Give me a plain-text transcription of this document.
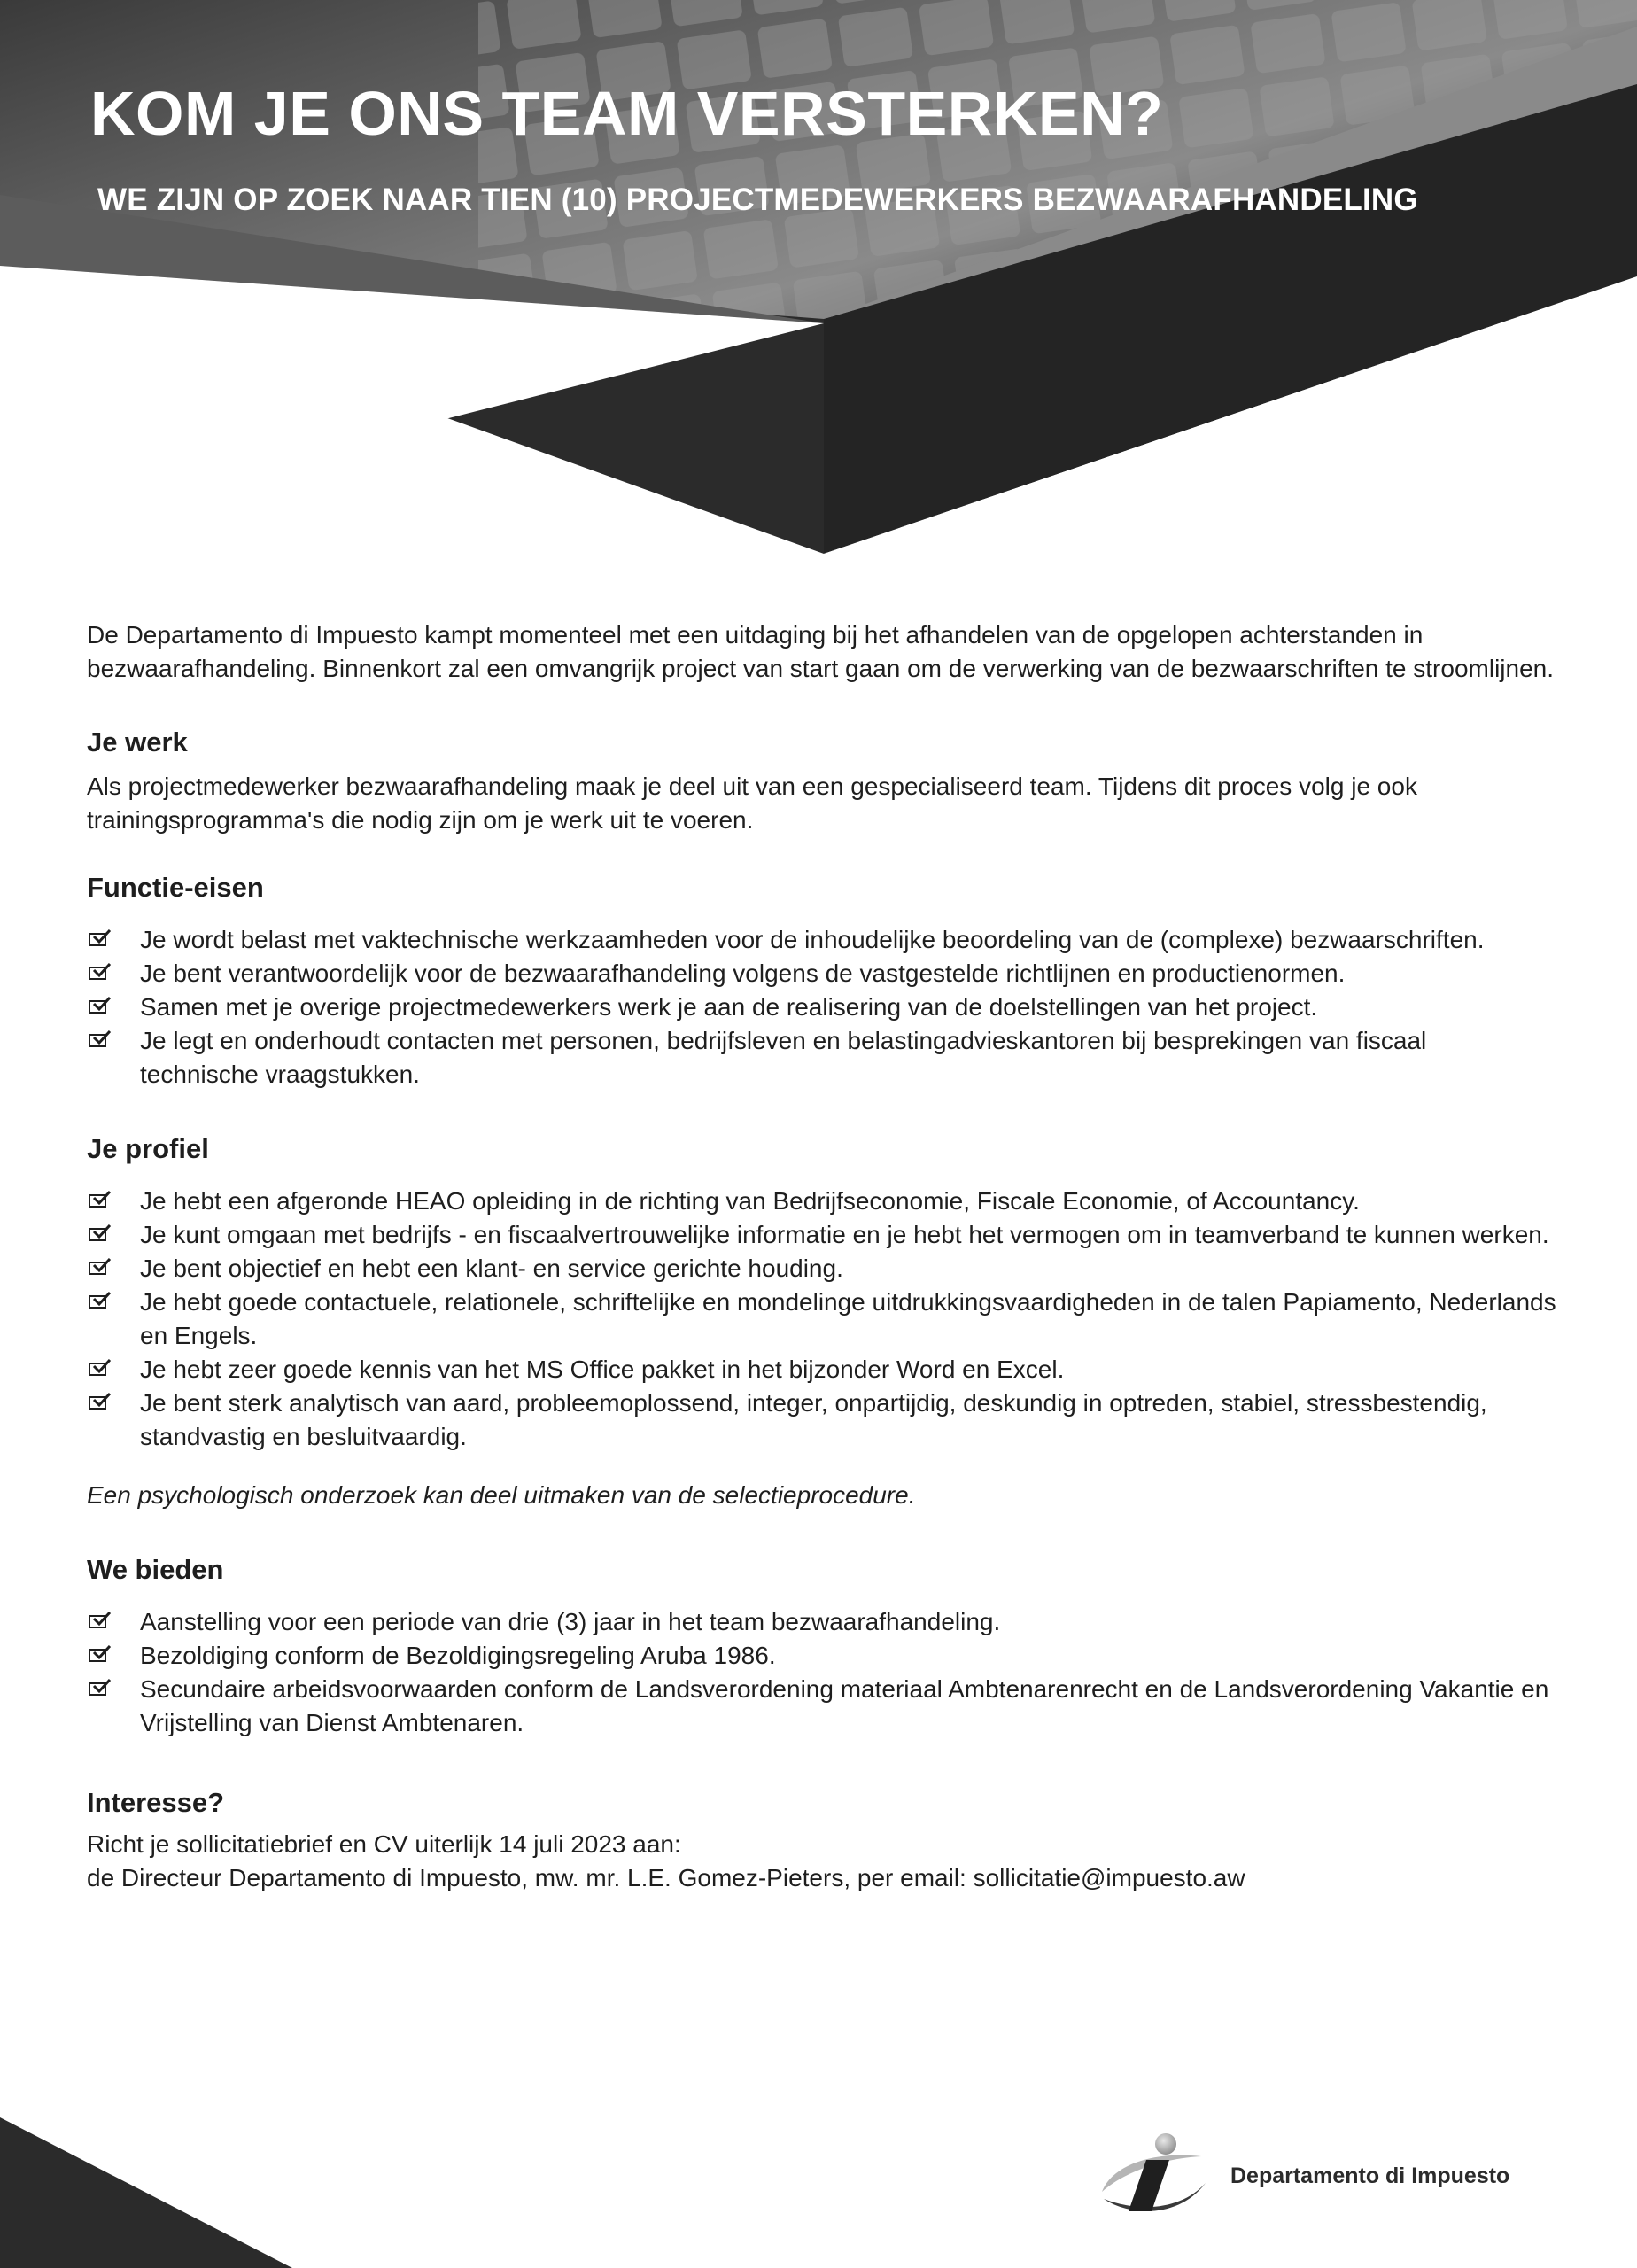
KOM JE ONS TEAM VERSTERKEN?

WE ZIJN OP ZOEK NAAR TIEN (10) PROJECTMEDEWERKERS BEZWAARAFHANDELING

De Departamento di Impuesto kampt momenteel met een uitdaging bij het afhandelen van de opgelopen achterstanden in bezwaarafhandeling. Binnenkort zal een omvangrijk project van start gaan om de verwerking van de bezwaarschriften te stroomlijnen.

Je werk

Als projectmedewerker bezwaarafhandeling maak je deel uit van een gespecialiseerd team. Tijdens dit proces volg je ook trainingsprogramma's die nodig zijn om je werk uit te voeren.

Functie-eisen
Je wordt belast met vaktechnische werkzaamheden voor de inhoudelijke beoordeling van de (complexe) bezwaarschriften.
Je bent verantwoordelijk voor de bezwaarafhandeling volgens de vastgestelde richtlijnen en productienormen.
Samen met je overige projectmedewerkers werk je aan de realisering van de doelstellingen van het project.
Je legt en onderhoudt contacten met personen, bedrijfsleven en belastingadvieskantoren bij besprekingen van fiscaal technische vraagstukken.
Je profiel
Je hebt een afgeronde HEAO opleiding in de richting van Bedrijfseconomie, Fiscale Economie, of Accountancy.
Je kunt omgaan met bedrijfs - en fiscaalvertrouwelijke informatie en je hebt het vermogen om in teamverband te kunnen werken.
Je bent objectief en hebt een klant- en service gerichte houding.
Je hebt goede contactuele, relationele, schriftelijke en mondelinge uitdrukkingsvaardigheden in de talen Papiamento, Nederlands en Engels.
Je hebt zeer goede kennis van het MS Office pakket in het bijzonder Word en Excel.
Je bent sterk analytisch van aard, probleemoplossend, integer, onpartijdig, deskundig in optreden, stabiel, stressbestendig, standvastig en besluitvaardig.

Een psychologisch onderzoek kan deel uitmaken van de selectieprocedure.

We bieden
Aanstelling voor een periode van drie (3) jaar in het team bezwaarafhandeling.
Bezoldiging conform de Bezoldigingsregeling Aruba 1986.
Secundaire arbeidsvoorwaarden conform de Landsverordening materiaal Ambtenarenrecht en de Landsverordening Vakantie en Vrijstelling van Dienst Ambtenaren.
Interesse?

Richt je sollicitatiebrief en CV uiterlijk 14 juli 2023 aan:

de Directeur Departamento di Impuesto, mw. mr. L.E. Gomez-Pieters, per email: sollicitatie@impuesto.aw

Departamento di Impuesto
